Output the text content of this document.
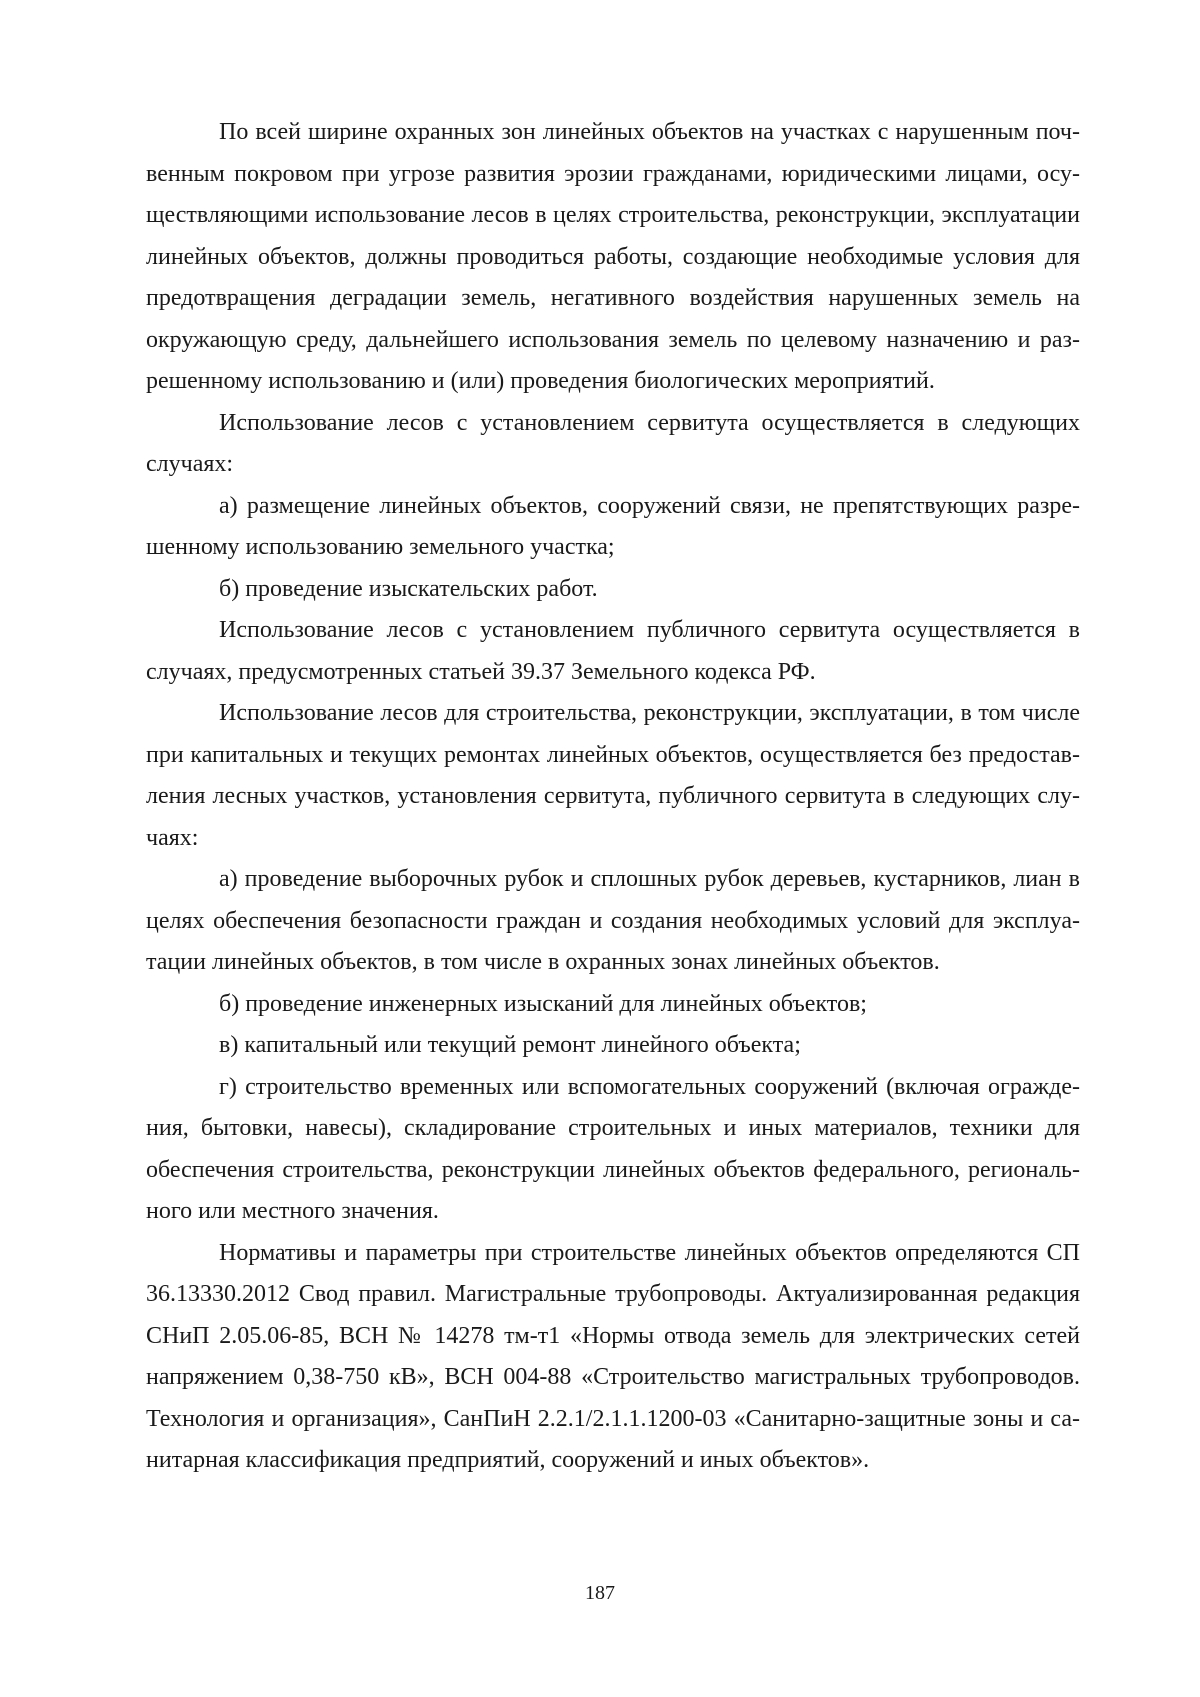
По всей ширине охранных зон линейных объектов на участках с нарушенным почвенным покровом при угрозе развития эрозии гражданами, юридическими лицами, осуществляющими использование лесов в целях строительства, реконструкции, эксплуатации линейных объектов, должны проводиться работы, создающие необходимые условия для предотвращения деградации земель, негативного воздействия нарушенных земель на окружающую среду, дальнейшего использования земель по целевому назначению и разрешенному использованию и (или) проведения биологических мероприятий.

Использование лесов с установлением сервитута осуществляется в следующих случаях:

а) размещение линейных объектов, сооружений связи, не препятствующих разрешенному использованию земельного участка;

б) проведение изыскательских работ.

Использование лесов с установлением публичного сервитута осуществляется в случаях, предусмотренных статьей 39.37 Земельного кодекса РФ.

Использование лесов для строительства, реконструкции, эксплуатации, в том числе при капитальных и текущих ремонтах линейных объектов, осуществляется без предоставления лесных участков, установления сервитута, публичного сервитута в следующих случаях:

а) проведение выборочных рубок и сплошных рубок деревьев, кустарников, лиан в целях обеспечения безопасности граждан и создания необходимых условий для эксплуатации линейных объектов, в том числе в охранных зонах линейных объектов.

б) проведение инженерных изысканий для линейных объектов;

в) капитальный или текущий ремонт линейного объекта;

г) строительство временных или вспомогательных сооружений (включая ограждения, бытовки, навесы), складирование строительных и иных материалов, техники для обеспечения строительства, реконструкции линейных объектов федерального, регионального или местного значения.

Нормативы и параметры при строительстве линейных объектов определяются СП 36.13330.2012 Свод правил. Магистральные трубопроводы. Актуализированная редакция СНиП 2.05.06-85, ВСН № 14278 тм-т1 «Нормы отвода земель для электрических сетей напряжением 0,38-750 кВ», ВСН 004-88 «Строительство магистральных трубопроводов. Технология и организация», СанПиН 2.2.1/2.1.1.1200-03 «Санитарно-защитные зоны и санитарная классификация предприятий, сооружений и иных объектов».

187
